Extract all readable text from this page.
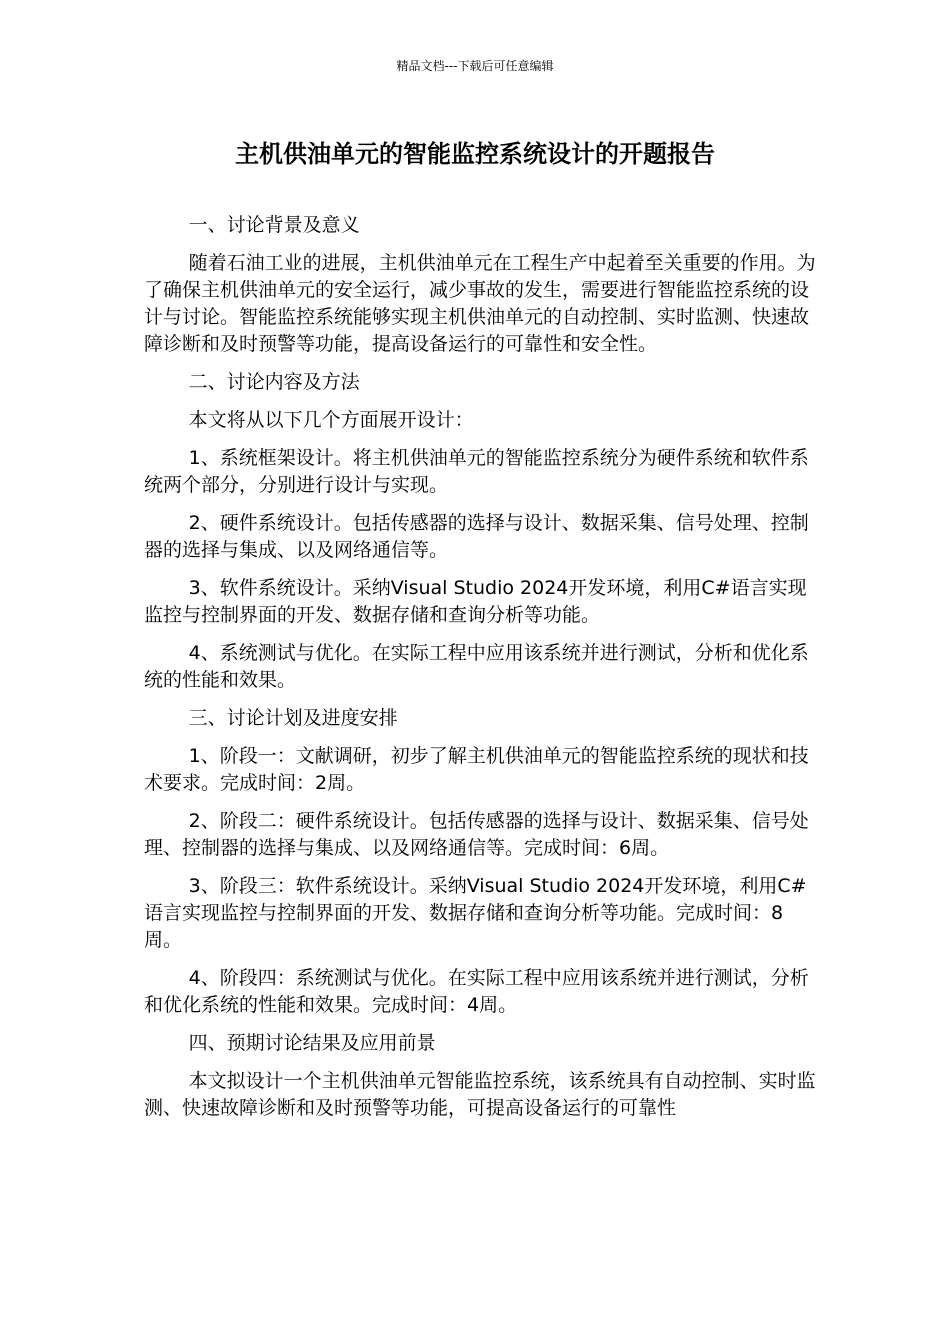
精品文档---下载后可任意编辑
主机供油单元的智能监控系统设计的开题报告

一、讨论背景及意义

随着石油工业的进展，主机供油单元在工程生产中起着至关重要的作用。为了确保主机供油单元的安全运行，减少事故的发生，需要进行智能监控系统的设计与讨论。智能监控系统能够实现主机供油单元的自动控制、实时监测、快速故障诊断和及时预警等功能，提高设备运行的可靠性和安全性。

二、讨论内容及方法

本文将从以下几个方面展开设计：

1、系统框架设计。将主机供油单元的智能监控系统分为硬件系统和软件系统两个部分，分别进行设计与实现。

2、硬件系统设计。包括传感器的选择与设计、数据采集、信号处理、控制器的选择与集成、以及网络通信等。

3、软件系统设计。采纳Visual Studio 2024开发环境，利用C#语言实现监控与控制界面的开发、数据存储和查询分析等功能。

4、系统测试与优化。在实际工程中应用该系统并进行测试，分析和优化系统的性能和效果。

三、讨论计划及进度安排

1、阶段一：文献调研，初步了解主机供油单元的智能监控系统的现状和技术要求。完成时间：2周。

2、阶段二：硬件系统设计。包括传感器的选择与设计、数据采集、信号处理、控制器的选择与集成、以及网络通信等。完成时间：6周。

3、阶段三：软件系统设计。采纳Visual Studio 2024开发环境，利用C#语言实现监控与控制界面的开发、数据存储和查询分析等功能。完成时间：8周。

4、阶段四：系统测试与优化。在实际工程中应用该系统并进行测试，分析和优化系统的性能和效果。完成时间：4周。

四、预期讨论结果及应用前景

本文拟设计一个主机供油单元智能监控系统，该系统具有自动控制、实时监测、快速故障诊断和及时预警等功能，可提高设备运行的可靠性
